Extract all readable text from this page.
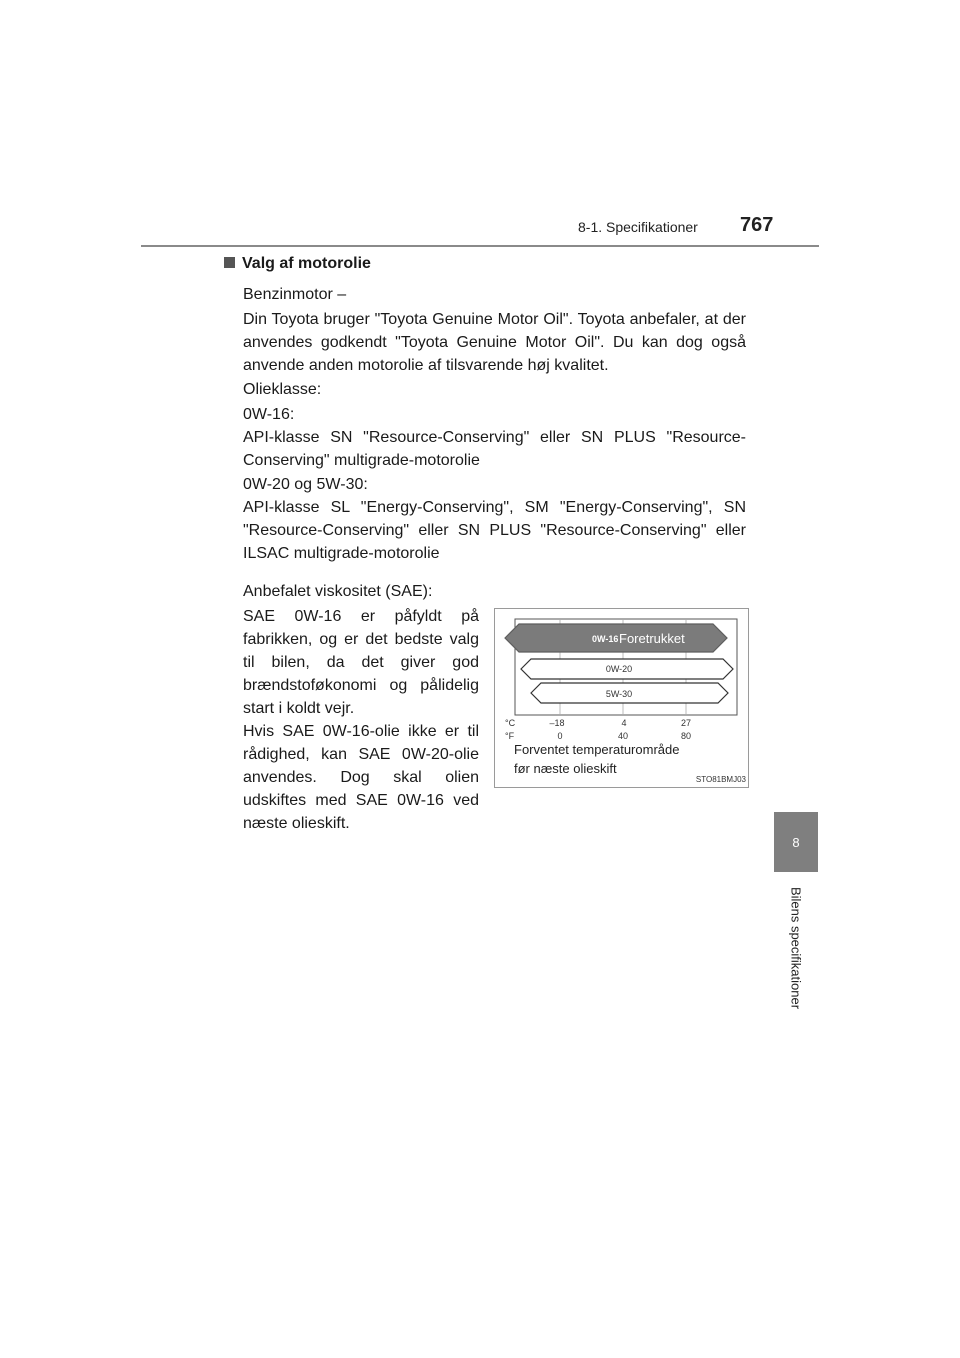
8-1. Specifikationer 767
8
Bilens specifikationer
Valg af motorolie
Benzinmotor –
Din Toyota bruger "Toyota Genuine Motor Oil". Toyota anbefaler, at der anvendes godkendt "Toyota Genuine Motor Oil". Du kan dog også anvende anden motorolie af tilsvarende høj kvalitet.
Olieklasse:
0W-16:
API-klasse SN "Resource-Conserving" eller SN PLUS "Resource-Conserving" multigrade-motorolie
0W-20 og 5W-30:
API-klasse SL "Energy-Conserving", SM "Energy-Conserving", SN "Resource-Conserving" eller SN PLUS "Resource-Conserving" eller ILSAC multigrade-motorolie
Anbefalet viskositet (SAE):

SAE 0W-16 er påfyldt på fabrikken, og er det bedste valg til bilen, da det giver god brændstoføkonomi og pålidelig start i koldt vejr.

Hvis SAE 0W-16-olie ikke er til rådighed, kan SAE 0W-20-olie anvendes. Dog skal olien udskiftes med SAE 0W-16 ved næste olieskift.

0W-16 Foretrukket
0W-20
5W-30
°C
°F
–18	4	27
0	40	80
Forventet temperaturområde
før næste olieskift
STO81BMJ03
